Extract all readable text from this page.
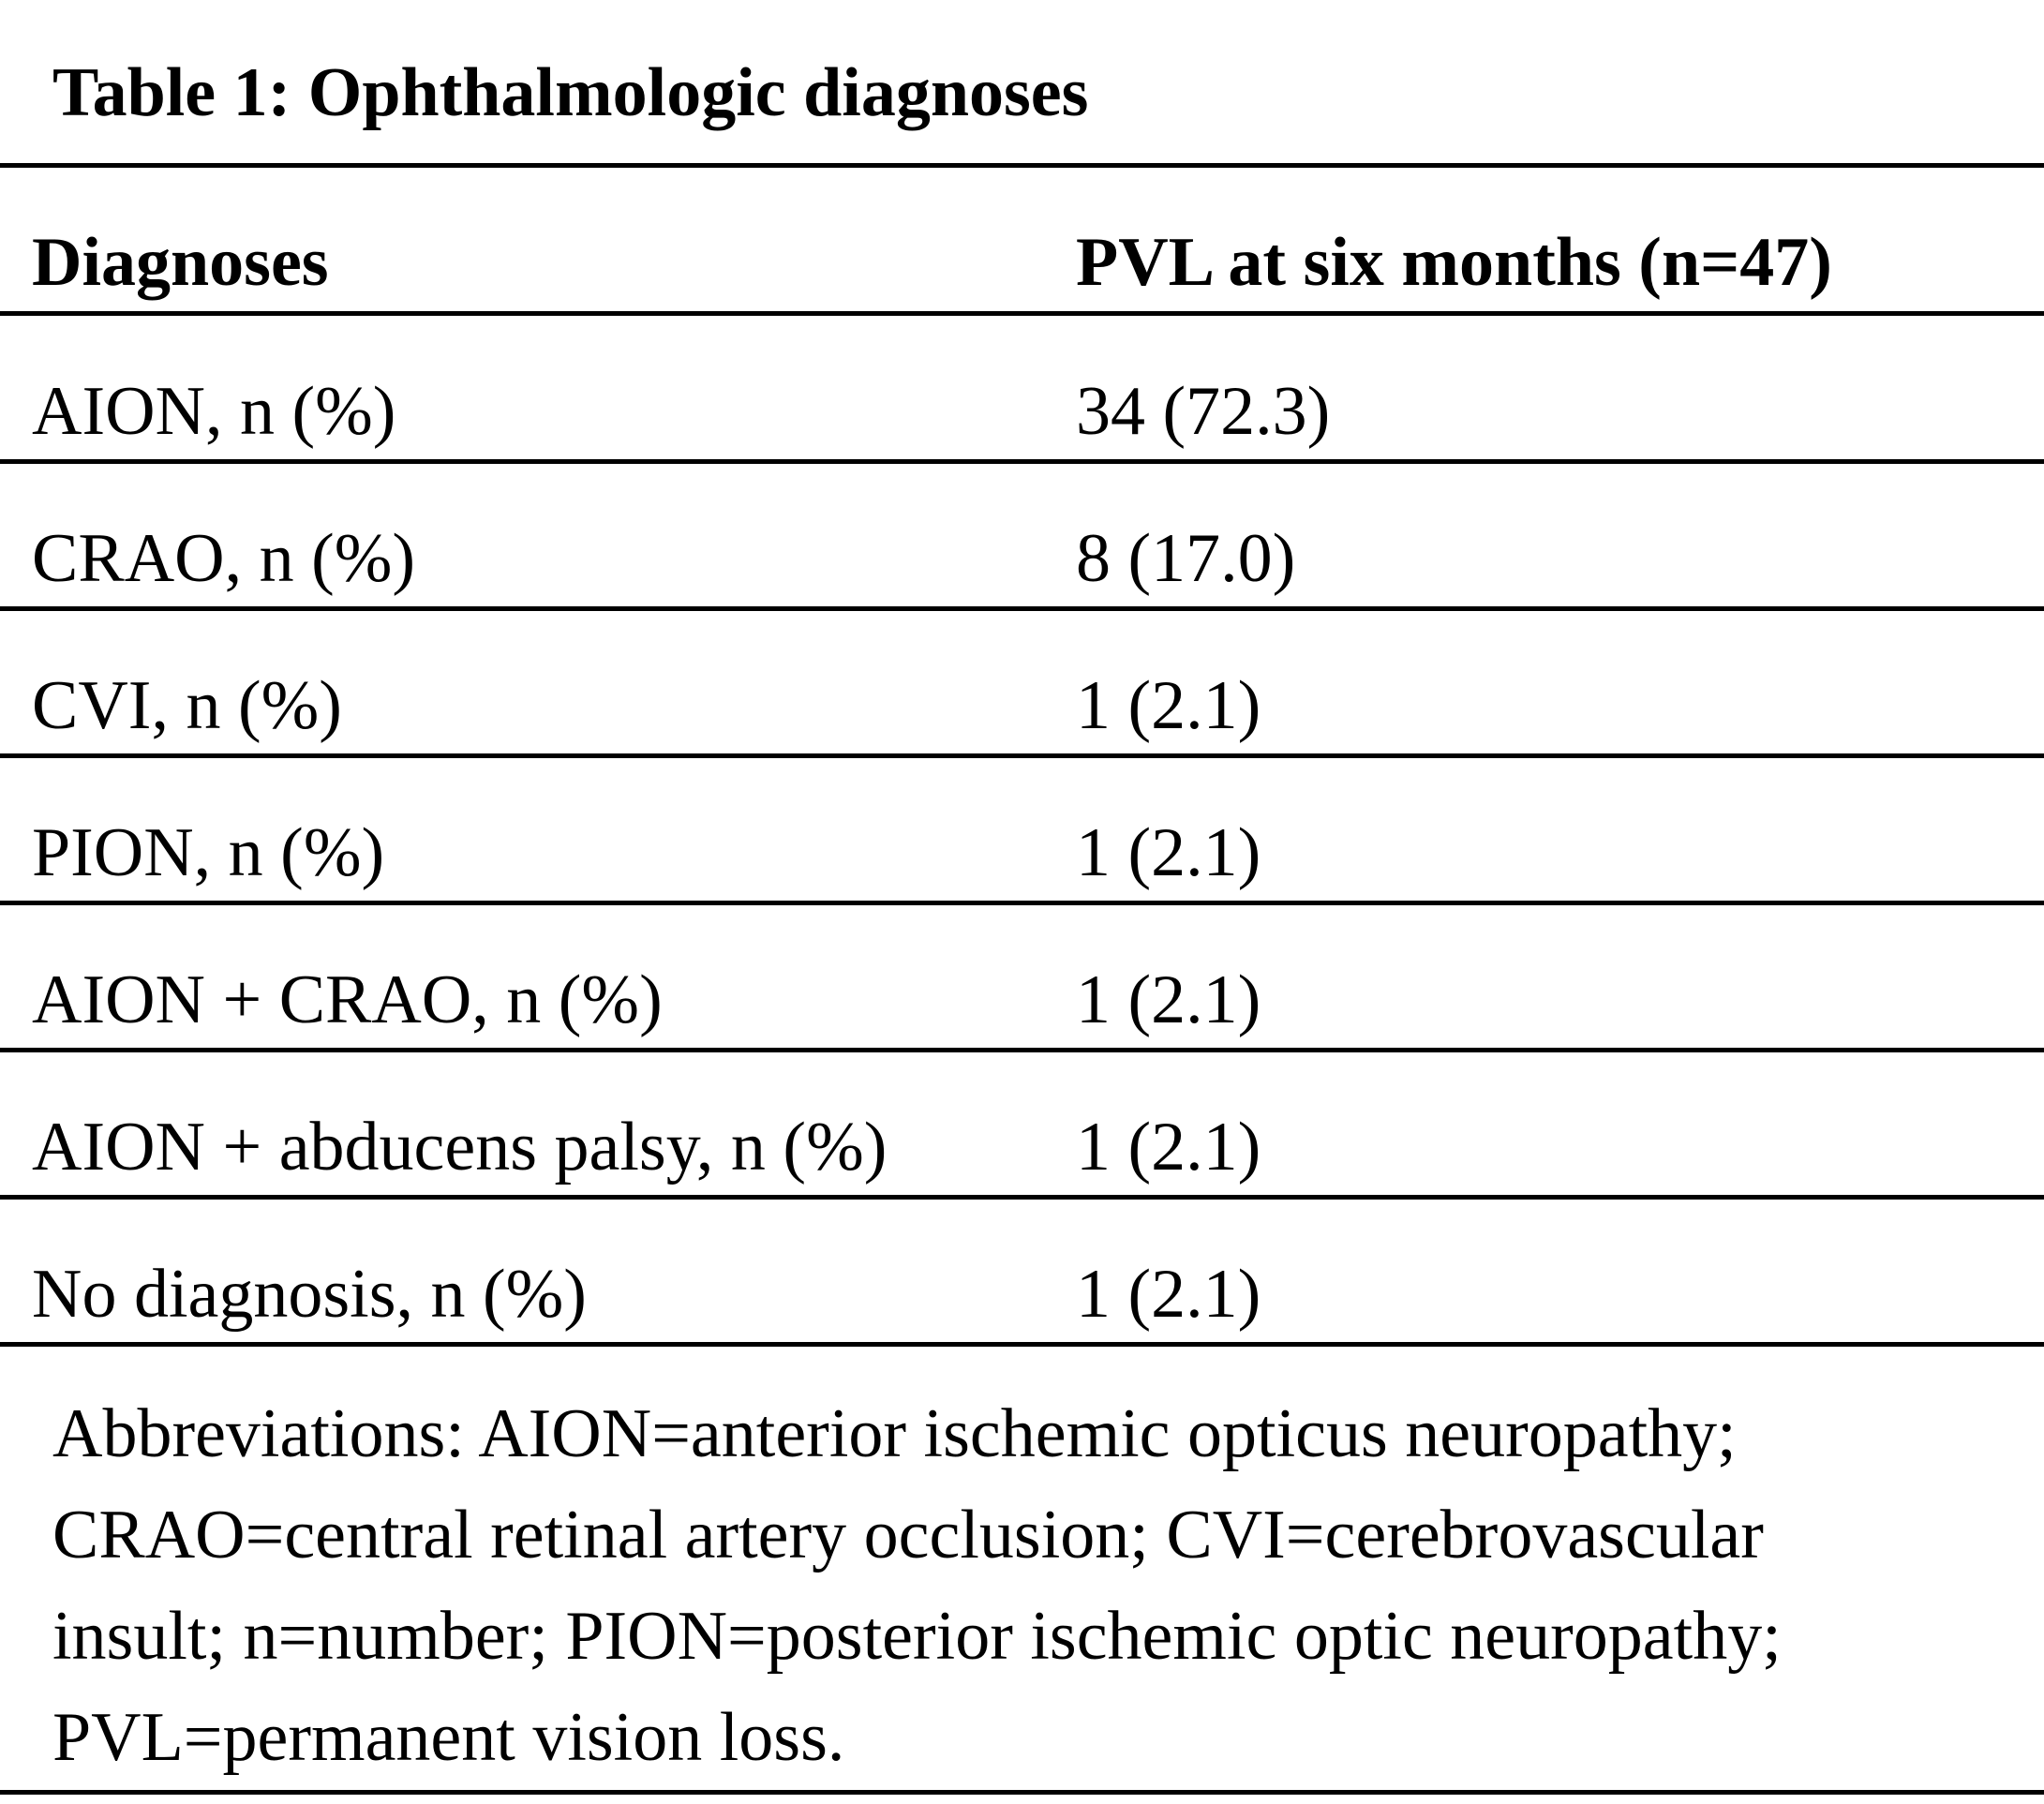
Table 1: Ophthalmologic diagnoses
Diagnoses	PVL at six months (n=47)
AION, n (%)	34 (72.3)
CRAO, n (%)	8 (17.0)
CVI, n (%)	1 (2.1)
PION, n (%)	1 (2.1)
AION + CRAO, n (%)	1 (2.1)
AION + abducens palsy, n (%)	1 (2.1)
No diagnosis, n (%)	1 (2.1)
Abbreviations: AION=anterior ischemic opticus neuropathy;
CRAO=central retinal artery occlusion; CVI=cerebrovascular
insult; n=number; PION=posterior ischemic optic neuropathy;
PVL=permanent vision loss.
